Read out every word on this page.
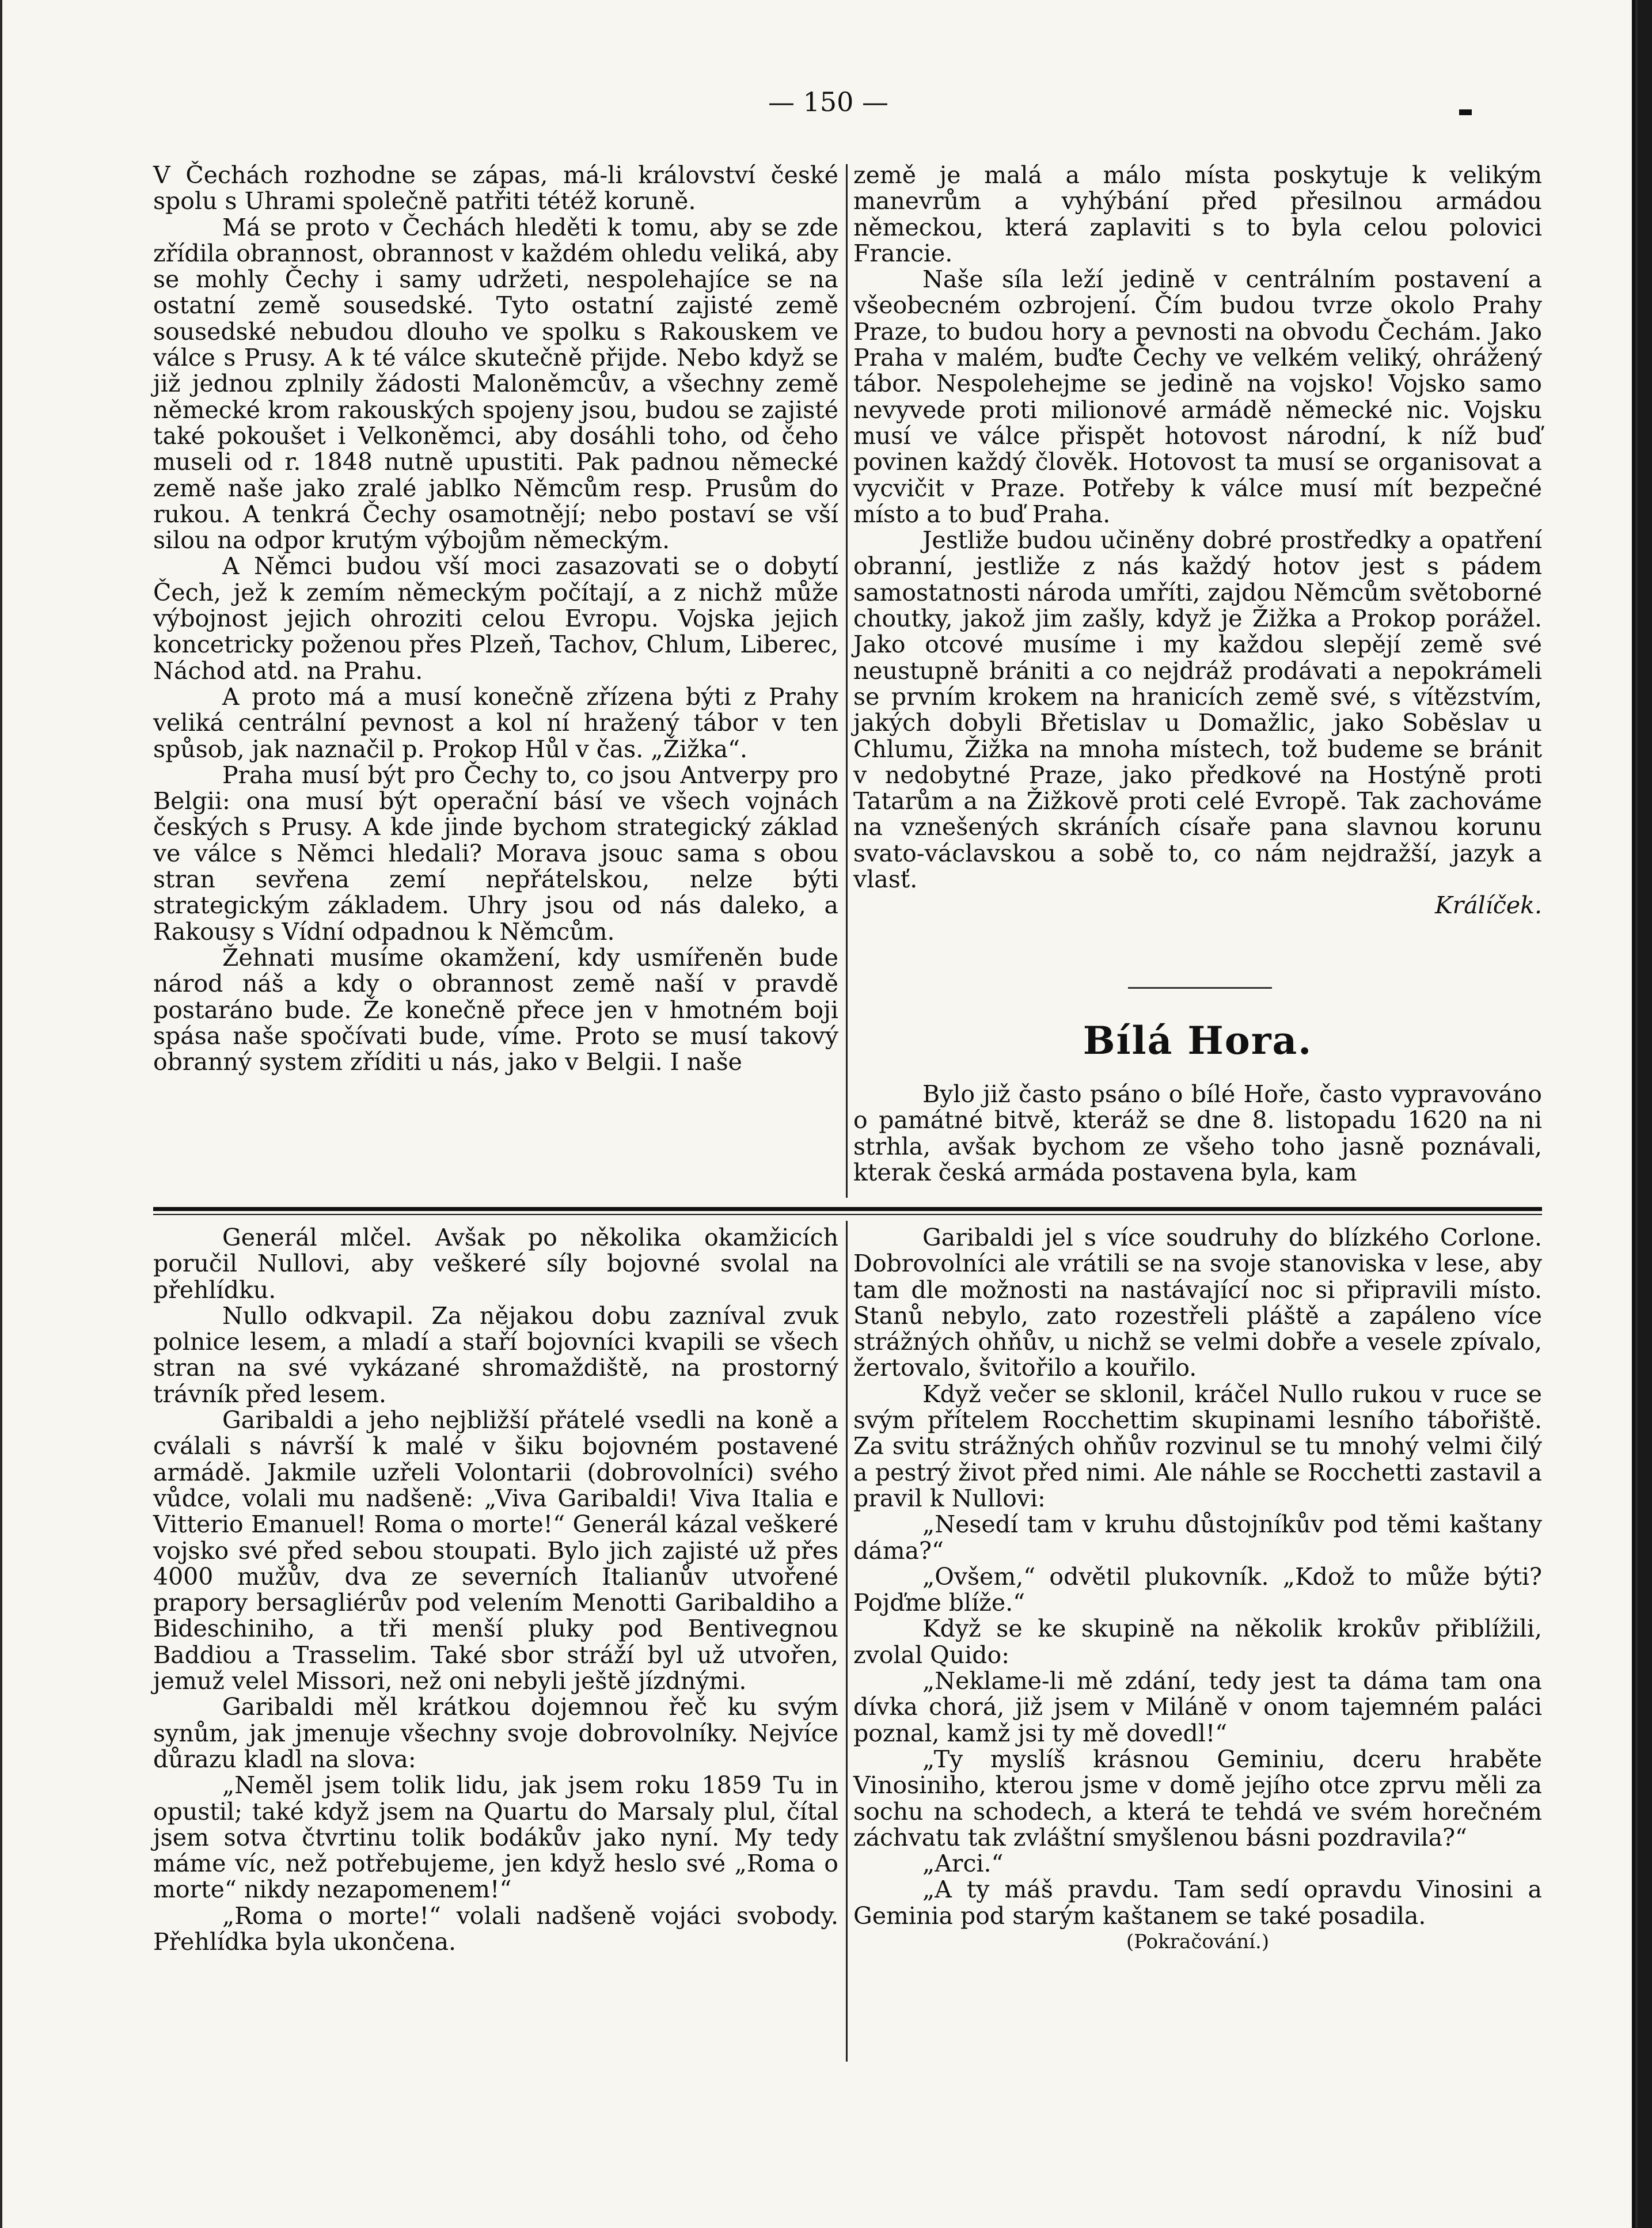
— 150 —

V Čechách rozhodne se zápas, má-li království české spolu s Uhrami společně patřiti tétéž koruně.

Má se proto v Čechách hleděti k tomu, aby se zde zřídila obrannost, obrannost v každém ohledu veliká, aby se mohly Čechy i samy udržeti, nespolehajíce se na ostatní země sousedské. Tyto ostatní zajisté země sousedské nebudou dlouho ve spolku s Rakouskem ve válce s Prusy. A k té válce skutečně přijde. Nebo když se již jednou zplnily žádosti Maloněmcův, a všechny země německé krom rakouských spojeny jsou, budou se zajisté také pokoušet i Velkoněmci, aby dosáhli toho, od čeho museli od r. 1848 nutně upustiti. Pak padnou německé země naše jako zralé jablko Němcům resp. Prusům do rukou. A tenkrá Čechy osamotnějí; nebo postaví se vší silou na odpor krutým výbojům německým.

A Němci budou vší moci zasazovati se o dobytí Čech, jež k zemím německým počítají, a z nichž může výbojnost jejich ohroziti celou Evropu. Vojska jejich koncetricky poženou přes Plzeň, Tachov, Chlum, Liberec, Náchod atd. na Prahu.

A proto má a musí konečně zřízena býti z Prahy veliká centrální pevnost a kol ní hražený tábor v ten spůsob, jak naznačil p. Prokop Hůl v čas. „Žižka“.

Praha musí být pro Čechy to, co jsou Antverpy pro Belgii: ona musí být operační básí ve všech vojnách českých s Prusy. A kde jinde bychom strategický základ ve válce s Němci hledali? Morava jsouc sama s obou stran sevřena zemí nepřátelskou, nelze býti strategickým základem. Uhry jsou od nás daleko, a Rakousy s Vídní odpadnou k Němcům.

Žehnati musíme okamžení, kdy usmířeněn bude národ náš a kdy o obrannost země naší v pravdě postaráno bude. Že konečně přece jen v hmotném boji spása naše spočívati bude, víme. Proto se musí takový obranný system zříditi u nás, jako v Belgii. I naše

země je malá a málo místa poskytuje k velikým manevrům a vyhýbání před přesilnou armádou německou, která zaplaviti s to byla celou polovici Francie.

Naše síla leží jedině v centrálním postavení a všeobecném ozbrojení. Čím budou tvrze okolo Prahy Praze, to budou hory a pevnosti na obvodu Čechám. Jako Praha v malém, buďte Čechy ve velkém veliký, ohrážený tábor. Nespolehejme se jedině na vojsko! Vojsko samo nevyvede proti milionové armádě německé nic. Vojsku musí ve válce přispět hotovost národní, k níž buď povinen každý člověk. Hotovost ta musí se organisovat a vycvičit v Praze. Potřeby k válce musí mít bezpečné místo a to buď Praha.

Jestliže budou učiněny dobré prostředky a opatření obranní, jestliže z nás každý hotov jest s pádem samostatnosti národa umříti, zajdou Němcům světoborné choutky, jakož jim zašly, když je Žižka a Prokop porážel. Jako otcové musíme i my každou slepějí země své neustupně brániti a co nejdráž prodávati a nepokrámeli se prvním krokem na hranicích země své, s vítězstvím, jakých dobyli Břetislav u Domažlic, jako Soběslav u Chlumu, Žižka na mnoha místech, tož budeme se bránit v nedobytné Praze, jako předkové na Hostýně proti Tatarům a na Žižkově proti celé Evropě. Tak zachováme na vznešených skráních císaře pana slavnou korunu svato-václavskou a sobě to, co nám nejdražší, jazyk a vlasť.

Králíček.

Bílá Hora.

Bylo již často psáno o bílé Hoře, často vypravováno o památné bitvě, kteráž se dne 8. listopadu 1620 na ni strhla, avšak bychom ze všeho toho jasně poznávali, kterak česká armáda postavena byla, kam

Generál mlčel. Avšak po několika okamžicích poručil Nullovi, aby veškeré síly bojovné svolal na přehlídku.

Nullo odkvapil. Za nějakou dobu zazníval zvuk polnice lesem, a mladí a staří bojovníci kvapili se všech stran na své vykázané shromaždiště, na prostorný trávník před lesem.

Garibaldi a jeho nejbližší přátelé vsedli na koně a cválali s návrší k malé v šiku bojovném postavené armádě. Jakmile uzřeli Volontarii (dobrovolníci) svého vůdce, volali mu nadšeně: „Viva Garibaldi! Viva Italia e Vitterio Emanuel! Roma o morte!“ Generál kázal veškeré vojsko své před sebou stoupati. Bylo jich zajisté už přes 4000 mužův, dva ze severních Italianův utvořené prapory bersagliérův pod velením Menotti Garibaldiho a Bideschiniho, a tři menší pluky pod Bentivegnou Baddiou a Trasselim. Také sbor stráží byl už utvořen, jemuž velel Missori, než oni nebyli ještě jízdnými.

Garibaldi měl krátkou dojemnou řeč ku svým synům, jak jmenuje všechny svoje dobrovolníky. Nejvíce důrazu kladl na slova:

„Neměl jsem tolik lidu, jak jsem roku 1859 Tu in opustil; také když jsem na Quartu do Marsaly plul, čítal jsem sotva čtvrtinu tolik bodákův jako nyní. My tedy máme víc, než potřebujeme, jen když heslo své „Roma o morte“ nikdy nezapomenem!“

„Roma o morte!“ volali nadšeně vojáci svobody. Přehlídka byla ukončena.

Garibaldi jel s více soudruhy do blízkého Corlone. Dobrovolníci ale vrátili se na svoje stanoviska v lese, aby tam dle možnosti na nastávající noc si připravili místo. Stanů nebylo, zato rozestřeli pláště a zapáleno více strážných ohňův, u nichž se velmi dobře a vesele zpívalo, žertovalo, švitořilo a kouřilo.

Když večer se sklonil, kráčel Nullo rukou v ruce se svým přítelem Rocchettim skupinami lesního tábořiště. Za svitu strážných ohňův rozvinul se tu mnohý velmi čilý a pestrý život před nimi. Ale náhle se Rocchetti zastavil a pravil k Nullovi:

„Nesedí tam v kruhu důstojníkův pod těmi kaštany dáma?“

„Ovšem,“ odvětil plukovník. „Kdož to může býti? Pojďme blíže.“

Když se ke skupině na několik krokův přiblížili, zvolal Quido:

„Neklame-li mě zdání, tedy jest ta dáma tam ona dívka chorá, již jsem v Miláně v onom tajemném paláci poznal, kamž jsi ty mě dovedl!“

„Ty myslíš krásnou Geminiu, dceru hraběte Vinosiniho, kterou jsme v domě jejího otce zprvu měli za sochu na schodech, a která te tehdá ve svém horečném záchvatu tak zvláštní smyšlenou básni pozdravila?“

„Arci.“

„A ty máš pravdu. Tam sedí opravdu Vinosini a Geminia pod starým kaštanem se také posadila.

(Pokračování.)
